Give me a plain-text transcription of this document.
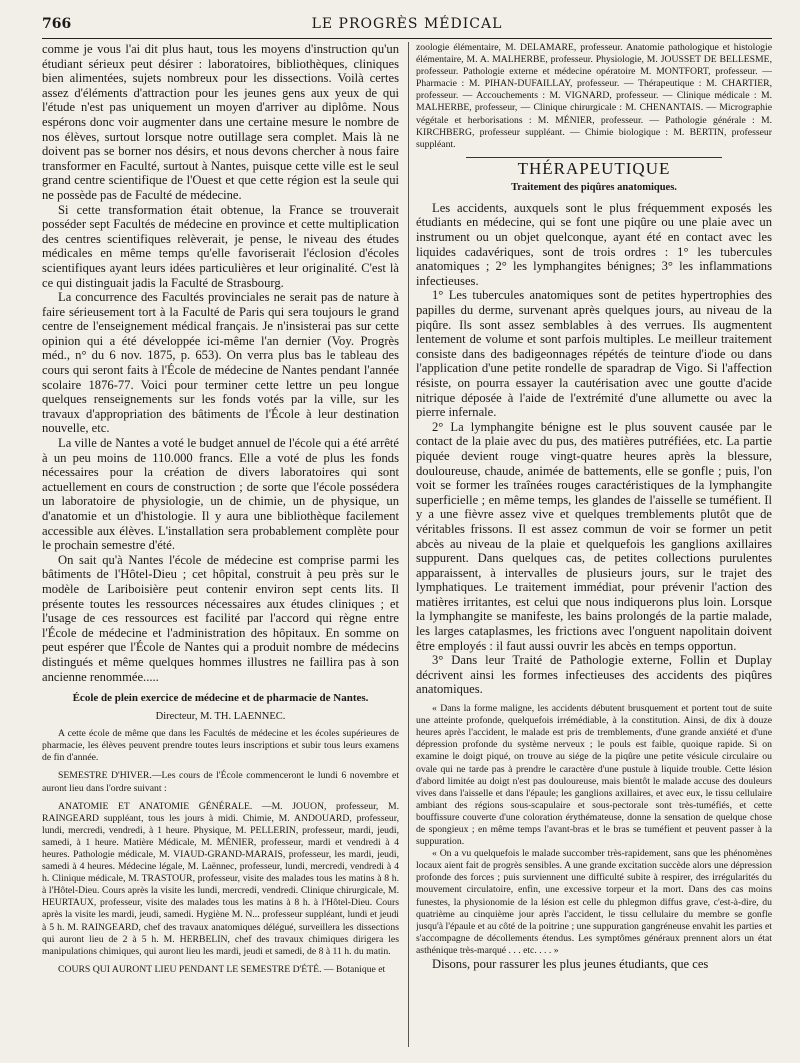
766	LE PROGRÈS MÉDICAL

comme je vous l'ai dit plus haut, tous les moyens d'instruction qu'un étudiant sérieux peut désirer : laboratoires, bibliothèques, cliniques bien alimentées, sujets nombreux pour les dissections. Voilà certes assez d'éléments d'attraction pour les jeunes gens aux yeux de qui l'étude n'est pas uniquement un moyen d'arriver au diplôme. Nous espérons donc voir augmenter dans une certaine mesure le nombre de nos élèves, surtout lorsque notre outillage sera complet. Mais là ne doivent pas se borner nos désirs, et nous devons chercher à nous faire transformer en Faculté, surtout à Nantes, puisque cette ville est le seul grand centre scientifique de l'Ouest et que cette région est la seule qui ne possède pas de Faculté de médecine.

Si cette transformation était obtenue, la France se trouverait posséder sept Facultés de médecine en province et cette multiplication des centres scientifiques relèverait, je pense, le niveau des études médicales en même temps qu'elle favoriserait l'éclosion d'écoles scientifiques ayant leurs idées particulières et leur originalité. C'est là ce qui distinguait jadis la Faculté de Strasbourg.

La concurrence des Facultés provinciales ne serait pas de nature à faire sérieusement tort à la Faculté de Paris qui sera toujours le grand centre de l'enseignement médical français. Je n'insisterai pas sur cette opinion qui a été développée ici-même l'an dernier (Voy. Progrès méd., n° du 6 nov. 1875, p. 653). On verra plus bas le tableau des cours qui seront faits à l'École de médecine de Nantes pendant l'année scolaire 1876-77. Voici pour terminer cette lettre un peu longue quelques renseignements sur les fonds votés par la ville, sur les travaux d'appropriation des bâtiments de l'École à leur destination nouvelle, etc.

La ville de Nantes a voté le budget annuel de l'école qui a été arrêté à un peu moins de 110.000 francs. Elle a voté de plus les fonds nécessaires pour la création de divers laboratoires qui sont actuellement en cours de construction ; de sorte que l'école possédera un laboratoire de physiologie, un de chimie, un de physique, un d'anatomie et un d'histologie. Il y aura une bibliothèque facilement accessible aux élèves. L'installation sera probablement complète pour le prochain semestre d'été.

On sait qu'à Nantes l'école de médecine est comprise parmi les bâtiments de l'Hôtel-Dieu ; cet hôpital, construit à peu près sur le modèle de Lariboisière peut contenir environ sept cents lits. Il présente toutes les ressources nécessaires aux études cliniques ; et l'usage de ces ressources est facilité par l'accord qui règne entre l'École de médecine et l'administration des hôpitaux. En somme on peut espérer que l'École de Nantes qui a produit nombre de médecins distingués et même quelques hommes illustres ne faillira pas à son ancienne renommée.....

École de plein exercice de médecine et de pharmacie de Nantes.

Directeur, M. TH. LAENNEC.

A cette école de même que dans les Facultés de médecine et les écoles supérieures de pharmacie, les élèves peuvent prendre toutes leurs inscriptions et subir tous leurs examens de fin d'année.

SEMESTRE D'HIVER.—Les cours de l'École commenceront le lundi 6 novembre et auront lieu dans l'ordre suivant :

ANATOMIE ET ANATOMIE GÉNÉRALE. —M. JOUON, professeur, M. RAINGEARD suppléant, tous les jours à midi. Chimie, M. ANDOUARD, professeur, lundi, mercredi, vendredi, à 1 heure. Physique, M. PELLERIN, professeur, mardi, jeudi, samedi, à 1 heure. Matière Médicale, M. MÉNIER, professeur, mardi et vendredi à 4 heures. Pathologie médicale, M. VIAUD-GRAND-MARAIS, professeur, les mardi, jeudi, samedi à 4 heures. Médecine légale, M. Laënnec, professeur, lundi, mercredi, vendredi à 4 h. Clinique médicale, M. TRASTOUR, professeur, visite des malades tous les matins à 8 h. à l'Hôtel-Dieu. Cours après la visite les lundi, mercredi, vendredi. Clinique chirurgicale, M. HEURTAUX, professeur, visite des malades tous les matins à 8 h. à l'Hôtel-Dieu. Cours après la visite les mardi, jeudi, samedi. Hygiène M. N... professeur suppléant, lundi et jeudi à 5 h. M. RAINGEARD, chef des travaux anatomiques délégué, surveillera les dissections qui auront lieu de 2 à 5 h. M. HERBELIN, chef des travaux chimiques dirigera les manipulations chimiques, qui auront lieu les mardi, jeudi et samedi, de 8 à 11 h. du matin.

COURS QUI AURONT LIEU PENDANT LE SEMESTRE D'ÉTÉ. — Botanique et

zoologie élémentaire, M. DELAMARE, professeur. Anatomie pathologique et histologie élémentaire, M. A. MALHERBE, professeur. Physiologie, M. JOUSSET DE BELLESME, professeur. Pathologie externe et médecine opératoire M. MONTFORT, professeur. — Pharmacie : M. PIHAN-DUFAILLAY, professeur. — Thérapeutique : M. CHARTIER, professeur. — Accouchements : M. VIGNARD, professeur. — Clinique médicale : M. MALHERBE, professeur, — Clinique chirurgicale : M. CHENANTAIS. — Micrographie végétale et herborisations : M. MÉNIER, professeur. — Pathologie générale : M. KIRCHBERG, professeur suppléant. — Chimie biologique : M. BERTIN, professeur suppléant.

THÉRAPEUTIQUE

Traitement des piqûres anatomiques.

Les accidents, auxquels sont le plus fréquemment exposés les étudiants en médecine, qui se font une piqûre ou une plaie avec un instrument ou un objet quelconque, ayant été en contact avec les liquides cadavériques, sont de trois ordres : 1° les tubercules anatomiques ; 2° les lymphangites bénignes; 3° les inflammations infectieuses.

1° Les tubercules anatomiques sont de petites hypertrophies des papilles du derme, survenant après quelques jours, au niveau de la piqûre. Ils sont assez semblables à des verrues. Ils augmentent lentement de volume et sont parfois multiples. Le meilleur traitement consiste dans des badigeonnages répétés de teinture d'iode ou dans l'application d'une petite rondelle de sparadrap de Vigo. Si l'affection résiste, on pourra essayer la cautérisation avec une goutte d'acide nitrique déposée à l'aide de l'extrémité d'une allumette ou avec la pierre infernale.

2° La lymphangite bénigne est le plus souvent causée par le contact de la plaie avec du pus, des matières putréfiées, etc. La partie piquée devient rouge vingt-quatre heures après la blessure, douloureuse, chaude, animée de battements, elle se gonfle ; puis, l'on voit se former les traînées rouges caractéristiques de la lymphangite superficielle ; en même temps, les glandes de l'aisselle se tuméfient. Il y a une fièvre assez vive et quelques tremblements plutôt que de véritables frissons. Il est assez commun de voir se former un petit abcès au niveau de la plaie et quelquefois les ganglions axillaires suppurent. Dans quelques cas, de petites collections purulentes apparaissent, à intervalles de plusieurs jours, sur le trajet des lymphatiques. Le traitement immédiat, pour prévenir l'action des matières irritantes, est celui que nous indiquerons plus loin. Lorsque la lymphangite se manifeste, les bains prolongés de la partie malade, les larges cataplasmes, les frictions avec l'onguent napolitain doivent être employés : il faut aussi ouvrir les abcès en temps opportun.

3° Dans leur Traité de Pathologie externe, Follin et Duplay décrivent ainsi les formes infectieuses des accidents des piqûres anatomiques.

« Dans la forme maligne, les accidents débutent brusquement et portent tout de suite une atteinte profonde, quelquefois irrémédiable, à la constitution. Ainsi, de dix à douze heures après l'accident, le malade est pris de tremblements, d'une grande anxiété et d'une dépression profonde du système nerveux ; le pouls est faible, quoique rapide. Si on examine le doigt piqué, on trouve au siége de la piqûre une petite vésicule circulaire ou ovale qui ne tarde pas à prendre le caractère d'une pustule à liquide trouble. Cette lésion d'abord limitée au doigt n'est pas douloureuse, mais bientôt le malade accuse des douleurs vives dans l'aisselle et dans l'épaule; les ganglions axillaires, et avec eux, le tissu cellulaire ambiant des régions sous-scapulaire et sous-pectorale sont très-tuméfiés, et cette bouffissure couverte d'une coloration érythémateuse, donne la sensation de quelque chose de spongieux ; en même temps l'avant-bras et le bras se tuméfient et peuvent passer à la suppuration.

« On a vu quelquefois le malade succomber très-rapidement, sans que les phénomènes locaux aient fait de progrès sensibles. A une grande excitation succède alors une dépression profonde des forces ; puis surviennent une difficulté subite à respirer, des irrégularités du mouvement circulatoire, enfin, une excessive torpeur et la mort. Dans des cas moins funestes, la physionomie de la lésion est celle du phlegmon diffus grave, c'est-à-dire, du quatrième au cinquième jour après l'accident, le tissu cellulaire du membre se gonfle jusqu'à l'épaule et au côté de la poitrine ; une suppuration gangréneuse envahit les parties et s'accompagne de décollements étendus. Les symptômes généraux prennent alors un état asthénique très-marqué . . . etc. . . . »

Disons, pour rassurer les plus jeunes étudiants, que ces
